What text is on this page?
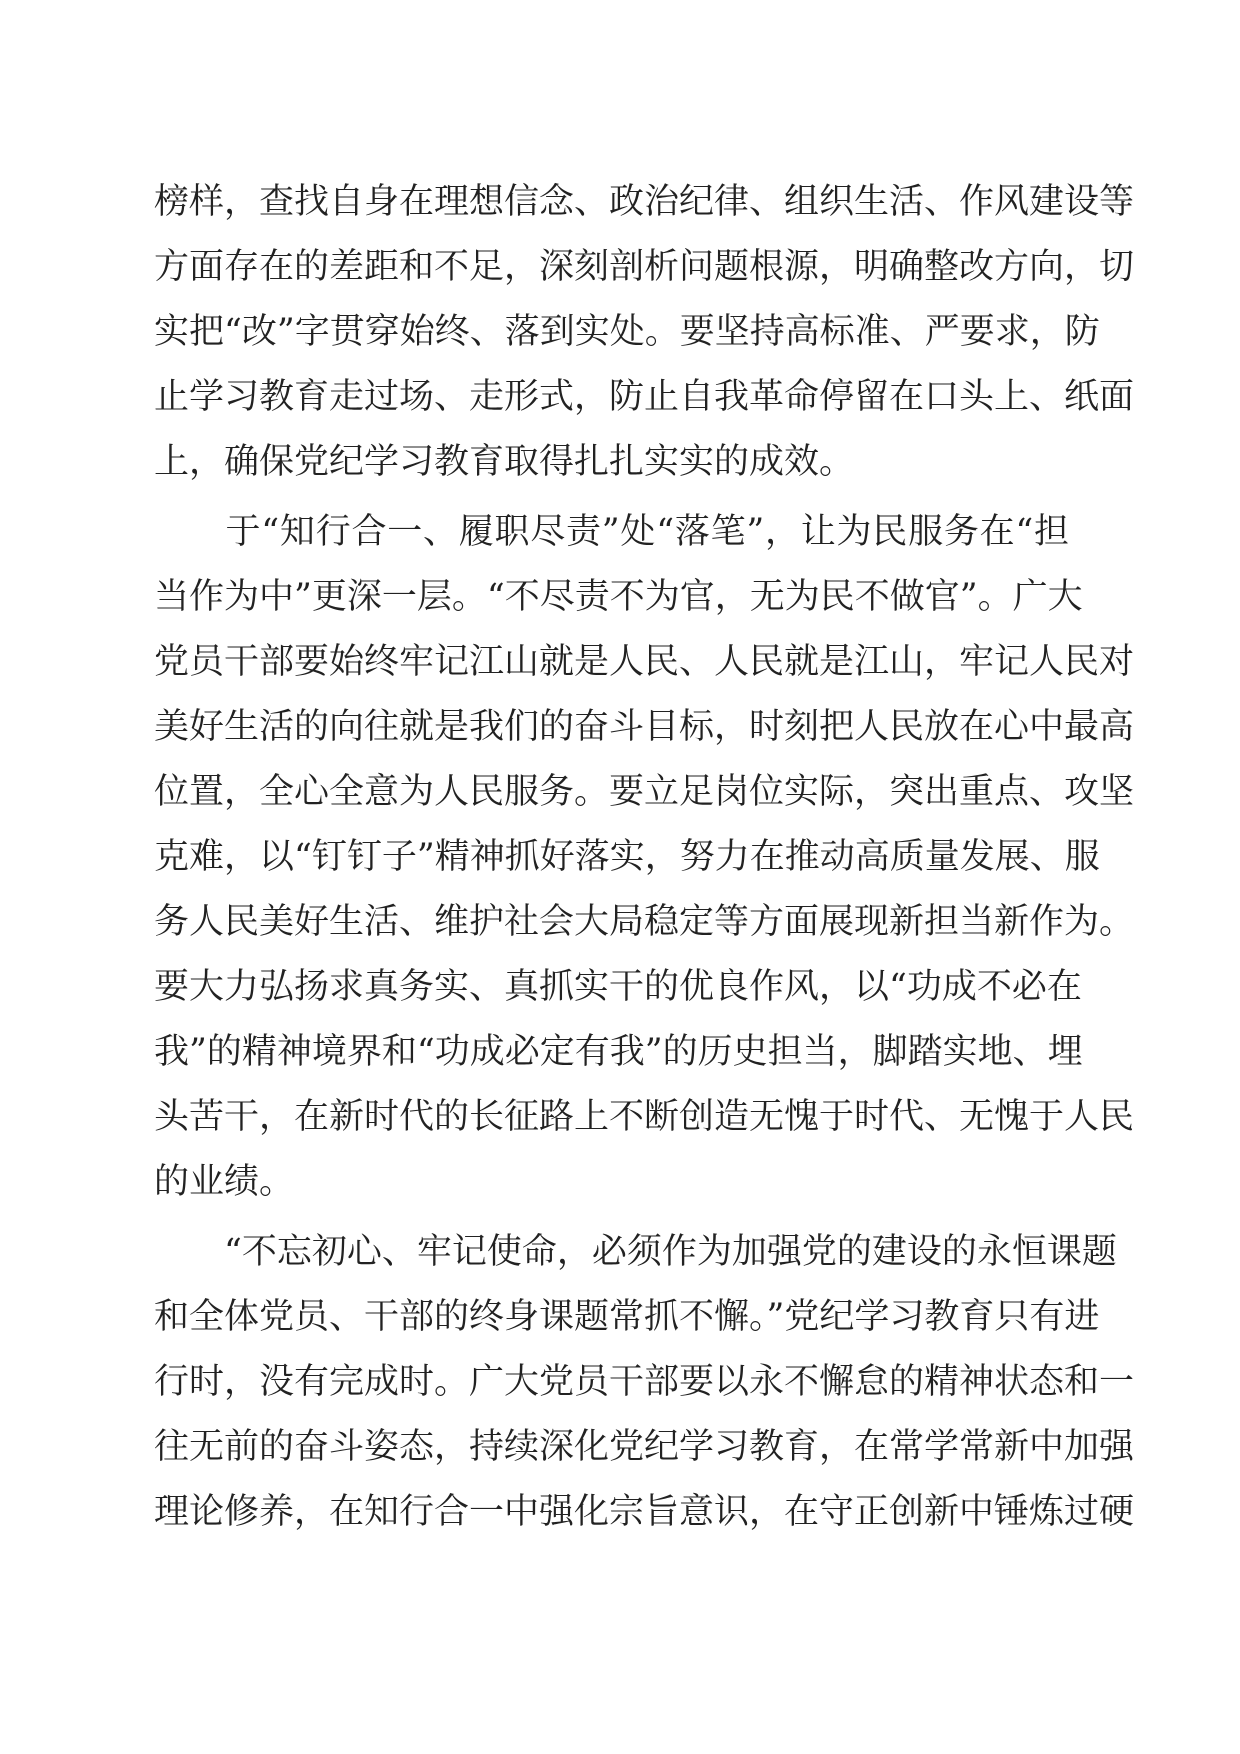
榜样，查找自身在理想信念、政治纪律、组织生活、作风建设等
方面存在的差距和不足，深刻剖析问题根源，明确整改方向，切
实把“改”字贯穿始终、落到实处。要坚持高标准、严要求，防
止学习教育走过场、走形式，防止自我革命停留在口头上、纸面
上，确保党纪学习教育取得扎扎实实的成效。
　　于“知行合一、履职尽责”处“落笔”，让为民服务在“担
当作为中”更深一层。“不尽责不为官，无为民不做官”。广大
党员干部要始终牢记江山就是人民、人民就是江山，牢记人民对
美好生活的向往就是我们的奋斗目标，时刻把人民放在心中最高
位置，全心全意为人民服务。要立足岗位实际，突出重点、攻坚
克难，以“钉钉子”精神抓好落实，努力在推动高质量发展、服
务人民美好生活、维护社会大局稳定等方面展现新担当新作为。
要大力弘扬求真务实、真抓实干的优良作风，以“功成不必在
我”的精神境界和“功成必定有我”的历史担当，脚踏实地、埋
头苦干，在新时代的长征路上不断创造无愧于时代、无愧于人民
的业绩。
　　“不忘初心、牢记使命，必须作为加强党的建设的永恒课题
和全体党员、干部的终身课题常抓不懈。”党纪学习教育只有进
行时，没有完成时。广大党员干部要以永不懈怠的精神状态和一
往无前的奋斗姿态，持续深化党纪学习教育，在常学常新中加强
理论修养，在知行合一中强化宗旨意识，在守正创新中锤炼过硬
